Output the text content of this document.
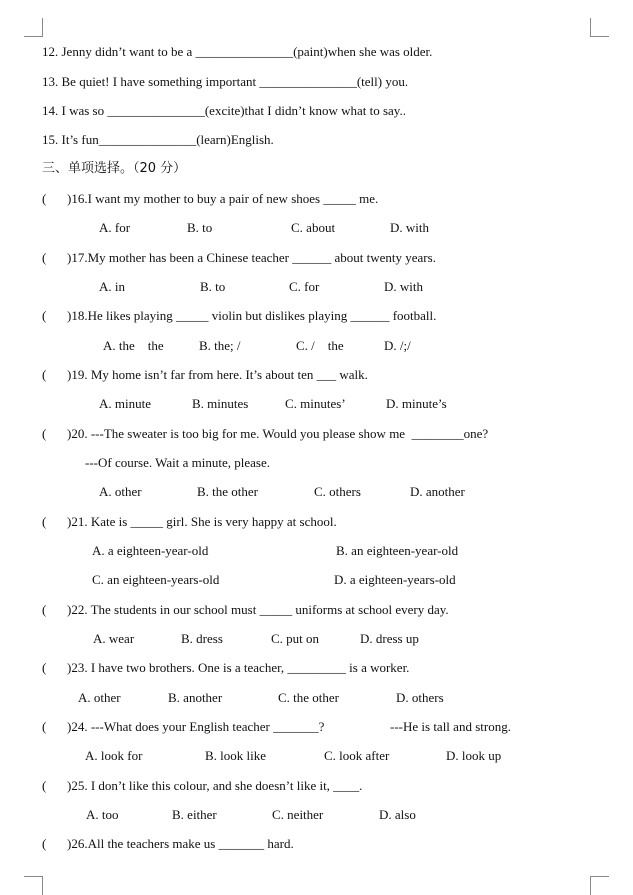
12. Jenny didn’t want to be a _______________(paint)when she was older.
13. Be quiet! I have something important _______________(tell) you.
14. I was so _______________(excite)that I didn’t know what to say..
15. It’s fun_______________(learn)English.
三、单项选择。（20 分）
( )16.I want my mother to buy a pair of new shoes _____ me.
A. for	B. to	C. about	D. with
( )17.My mother has been a Chinese teacher ______ about twenty years.
A. in	B. to	C. for	D. with
( )18.He likes playing _____ violin but dislikes playing ______ football.
A. the    the	B. the; /	C. /    the	D. /;/
( )19. My home isn’t far from here. It’s about ten ___ walk.
A. minute	B. minutes	C. minutes’	D. minute’s
( )20. ---The sweater is too big for me. Would you please show me  ________one?
---Of course. Wait a minute, please.
A. other	B. the other	C. others	D. another
( )21. Kate is _____ girl. She is very happy at school.
A. a eighteen-year-old	B. an eighteen-year-old
C. an eighteen-years-old	D. a eighteen-years-old
( )22. The students in our school must _____ uniforms at school every day.
A. wear	B. dress	C. put on	D. dress up
( )23. I have two brothers. One is a teacher, _________ is a worker.
A. other	B. another	C. the other	D. others
( )24. ---What does your English teacher _______?	---He is tall and strong.
A. look for	B. look like	C. look after	D. look up
( )25. I don’t like this colour, and she doesn’t like it, ____.
A. too	B. either	C. neither	D. also
( )26.All the teachers make us _______ hard.
